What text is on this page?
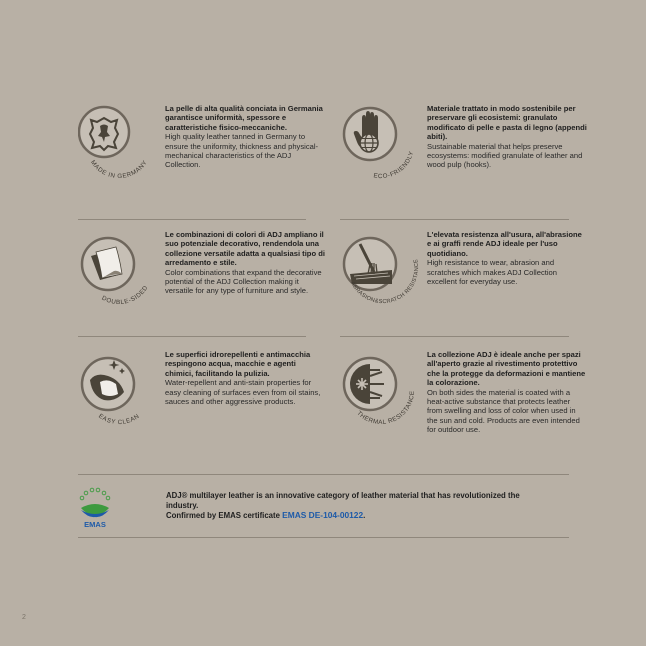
MADE IN GERMANY
La pelle di alta qualità conciata in Germania garantisce uniformità, spessore e caratteristiche fisico-meccaniche.
High quality leather tanned in Germany to ensure the uniformity, thickness and physical-mechanical characteristics of the ADJ Collection.
ECO-FRIENDLY
Materiale trattato in modo sostenibile per preservare gli ecosistemi: granulato modificato di pelle e pasta di legno (appendi abiti).
Sustainable material that helps preserve ecosystems: modified granulate of leather and wood pulp (hooks).
DOUBLE-SIDED
Le combinazioni di colori di ADJ ampliano il suo potenziale decorativo, rendendola una collezione versatile adatta a qualsiasi tipo di arredamento e stile.
Color combinations that expand the decorative potential of the ADJ Collection making it versatile for any type of furniture and style.
ABRASION&SCRATCH RESISTANCE
L'elevata resistenza all'usura, all'abrasione e ai graffi rende ADJ ideale per l'uso quotidiano.
High resistance to wear, abrasion and scratches which makes ADJ Collection excellent for everyday use.
EASY CLEAN
Le superfici idrorepellenti e antimacchia respingono acqua, macchie e agenti chimici, facilitando la pulizia.
Water-repellent and anti-stain properties for easy cleaning of surfaces even from oil stains, sauces and other aggressive products.
THERMAL RESISTANCE
La collezione ADJ è ideale anche per spazi all'aperto grazie al rivestimento protettivo che la protegge da deformazioni e mantiene la colorazione.
On both sides the material is coated with a heat-active substance that protects leather from swelling and loss of color when used in the sun and cold. Products are even intended for outdoor use.
EMAS
ADJ® multilayer leather is an innovative category of leather material that has revolutionized the industry.
Confirmed by EMAS certificate EMAS DE-104-00122.
2
